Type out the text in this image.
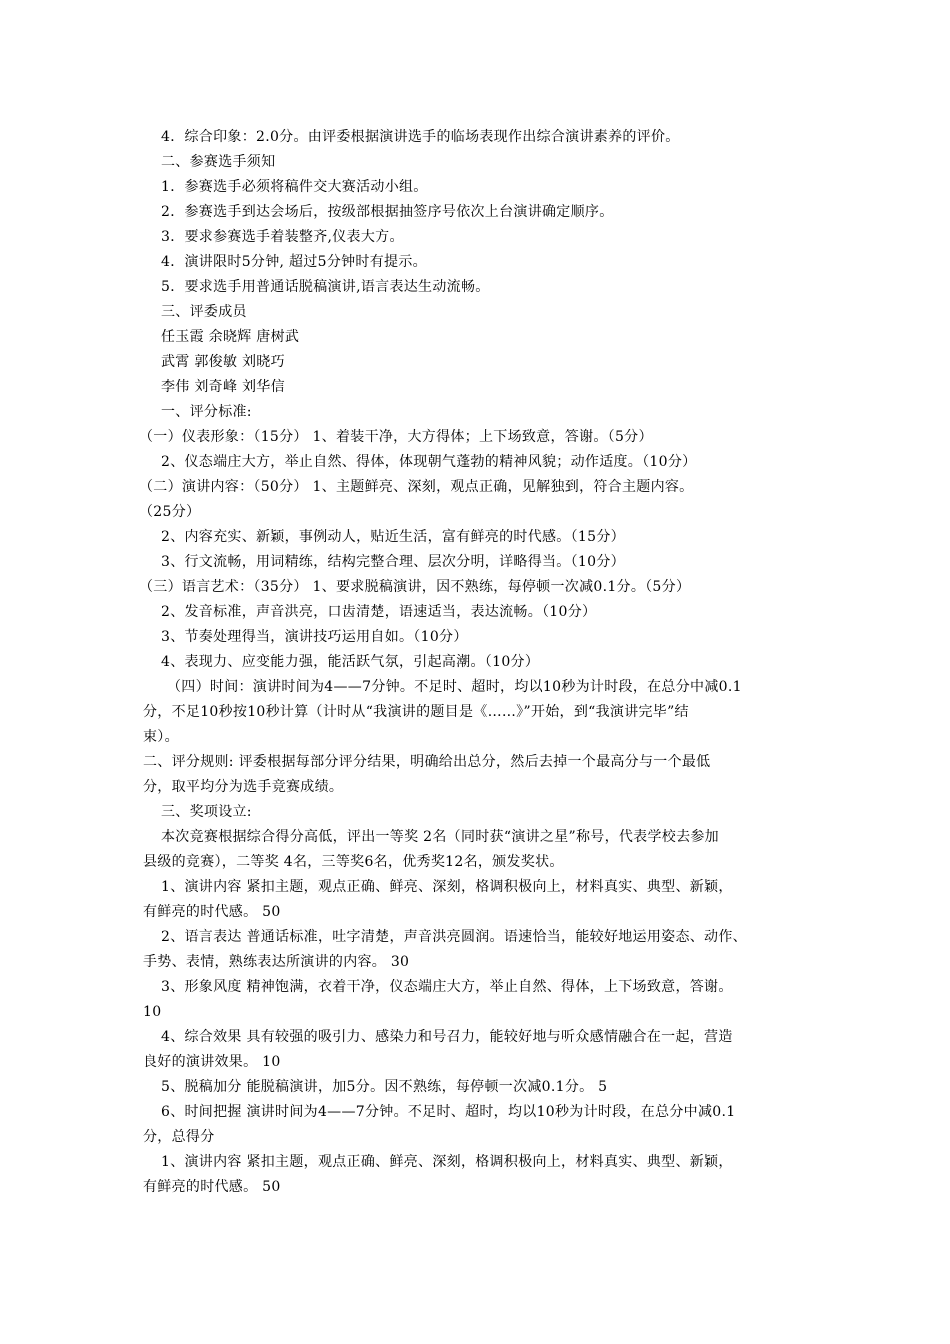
4．综合印象：2.0分。由评委根据演讲选手的临场表现作出综合演讲素养的评价。
二、参赛选手须知
1．参赛选手必须将稿件交大赛活动小组。
2．参赛选手到达会场后，按级部根据抽签序号依次上台演讲确定顺序。
3．要求参赛选手着装整齐,仪表大方。
4．演讲限时5分钟, 超过5分钟时有提示。
5．要求选手用普通话脱稿演讲,语言表达生动流畅。
三、评委成员
任玉霞 余晓辉 唐树武
武霄 郭俊敏 刘晓巧
李伟 刘奇峰 刘华信
一、评分标准:
（一）仪表形象：（15分） 1、着装干净，大方得体；上下场致意，答谢。（5分）
2、仪态端庄大方，举止自然、得体，体现朝气蓬勃的精神风貌；动作适度。（10分）
（二）演讲内容：（50分） 1、主题鲜亮、深刻，观点正确，见解独到，符合主题内容。
（25分）
2、内容充实、新颖，事例动人，贴近生活，富有鲜亮的时代感。（15分）
3、行文流畅，用词精练，结构完整合理、层次分明，详略得当。（10分）
（三）语言艺术：（35分） 1、要求脱稿演讲，因不熟练，每停顿一次减0.1分。（5分）
2、发音标准，声音洪亮，口齿清楚，语速适当，表达流畅。（10分）
3、节奏处理得当，演讲技巧运用自如。（10分）
4、表现力、应变能力强，能活跃气氛，引起高潮。（10分）
（四）时间：演讲时间为4——7分钟。不足时、超时，均以10秒为计时段，在总分中减0.1
分，不足10秒按10秒计算（计时从“我演讲的题目是《……》”开始，到“我演讲完毕”结
束）。
二、评分规则: 评委根据每部分评分结果，明确给出总分，然后去掉一个最高分与一个最低
分，取平均分为选手竞赛成绩。
三、奖项设立:
本次竞赛根据综合得分高低，评出一等奖 2名（同时获“演讲之星”称号，代表学校去参加
县级的竞赛），二等奖 4名，三等奖6名，优秀奖12名，颁发奖状。
1、演讲内容 紧扣主题，观点正确、鲜亮、深刻，格调积极向上，材料真实、典型、新颖，
有鲜亮的时代感。 50
2、语言表达 普通话标准，吐字清楚，声音洪亮圆润。语速恰当，能较好地运用姿态、动作、
手势、表情，熟练表达所演讲的内容。 30
3、形象风度 精神饱满，衣着干净，仪态端庄大方，举止自然、得体，上下场致意，答谢。
10
4、综合效果 具有较强的吸引力、感染力和号召力，能较好地与听众感情融合在一起，营造
良好的演讲效果。 10
5、脱稿加分 能脱稿演讲，加5分。因不熟练，每停顿一次减0.1分。 5
6、时间把握 演讲时间为4——7分钟。不足时、超时，均以10秒为计时段，在总分中减0.1
分，总得分
1、演讲内容 紧扣主题，观点正确、鲜亮、深刻，格调积极向上，材料真实、典型、新颖，
有鲜亮的时代感。 50
